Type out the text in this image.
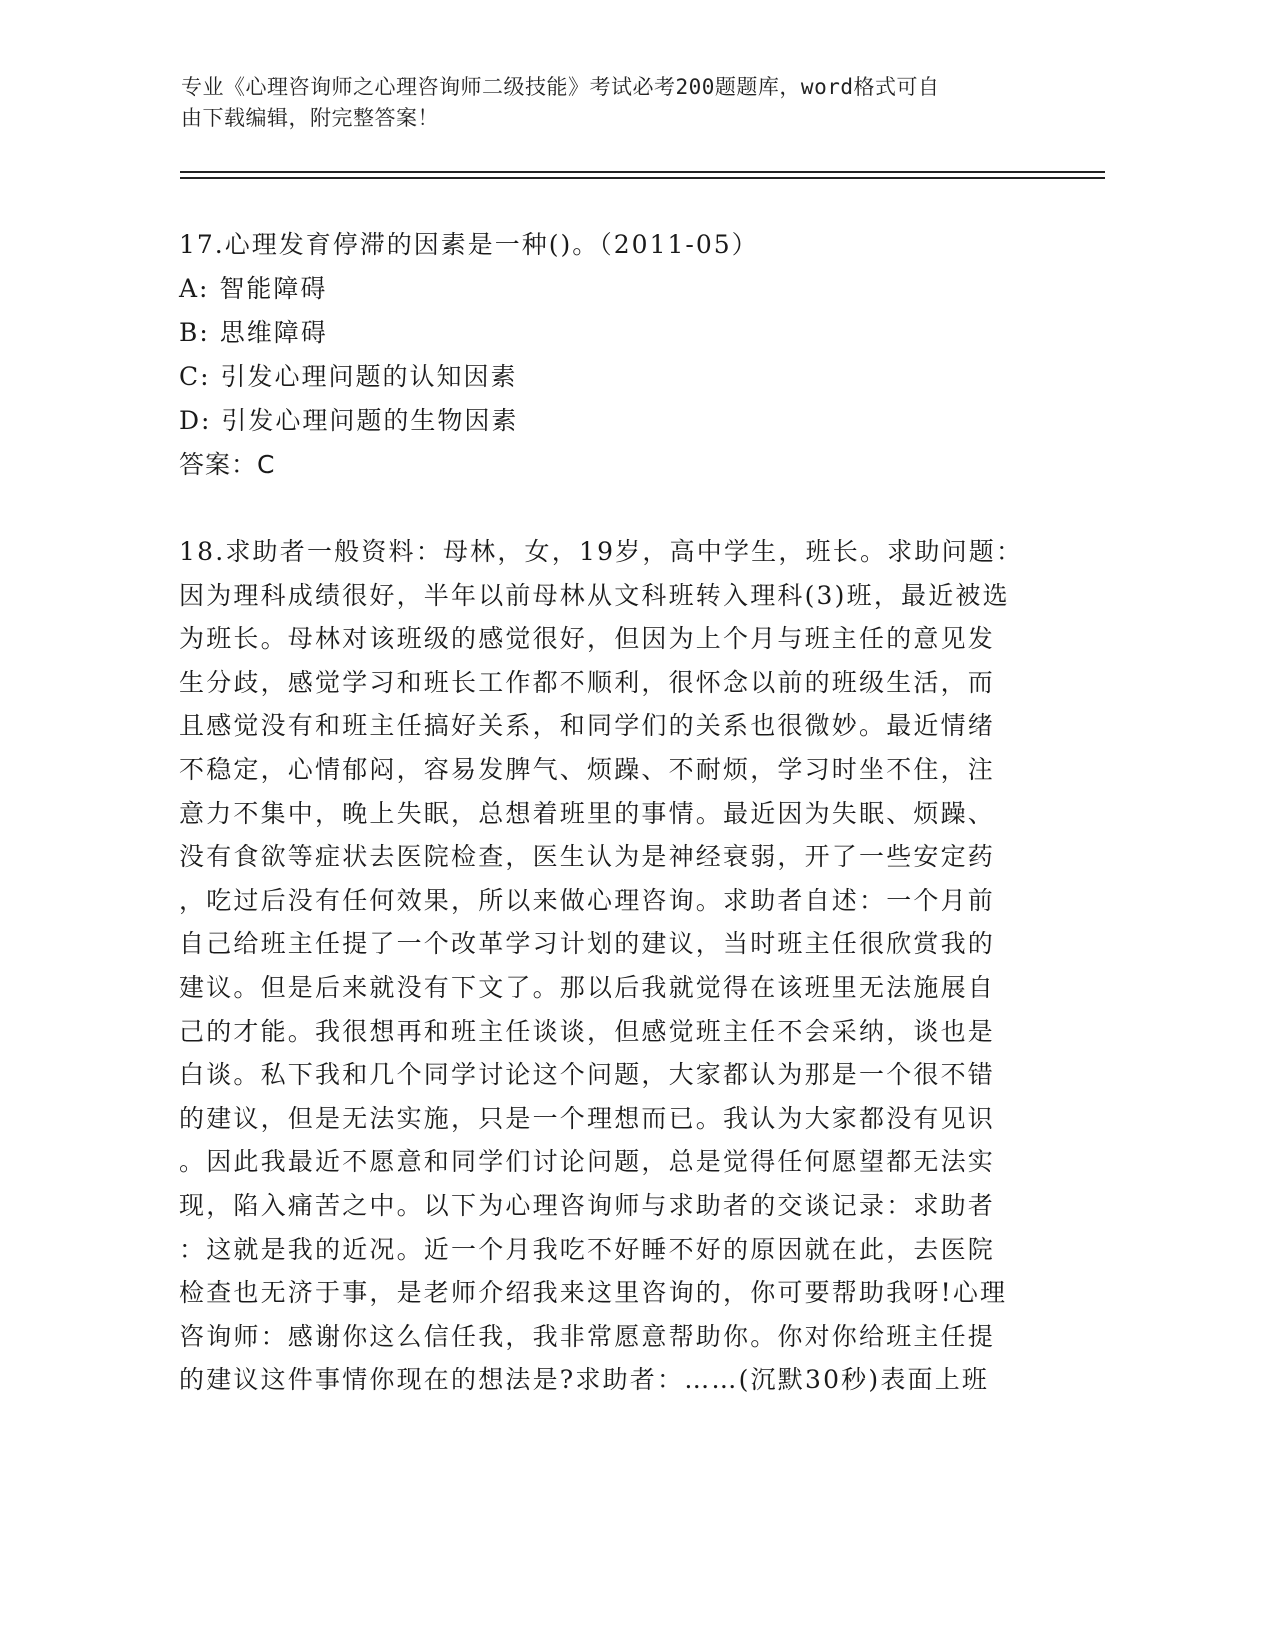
专业《心理咨询师之心理咨询师二级技能》考试必考200题题库，word格式可自
由下载编辑，附完整答案！
17.心理发育停滞的因素是一种()。（2011-05）
A: 智能障碍
B: 思维障碍
C: 引发心理问题的认知因素
D: 引发心理问题的生物因素
答案：C
18.求助者一般资料：母林，女，19岁，高中学生，班长。求助问题：
因为理科成绩很好，半年以前母林从文科班转入理科(3)班，最近被选
为班长。母林对该班级的感觉很好，但因为上个月与班主任的意见发
生分歧，感觉学习和班长工作都不顺利，很怀念以前的班级生活，而
且感觉没有和班主任搞好关系，和同学们的关系也很微妙。最近情绪
不稳定，心情郁闷，容易发脾气、烦躁、不耐烦，学习时坐不住，注
意力不集中，晚上失眠，总想着班里的事情。最近因为失眠、烦躁、
没有食欲等症状去医院检查，医生认为是神经衰弱，开了一些安定药
，吃过后没有任何效果，所以来做心理咨询。求助者自述：一个月前
自己给班主任提了一个改革学习计划的建议，当时班主任很欣赏我的
建议。但是后来就没有下文了。那以后我就觉得在该班里无法施展自
己的才能。我很想再和班主任谈谈，但感觉班主任不会采纳，谈也是
白谈。私下我和几个同学讨论这个问题，大家都认为那是一个很不错
的建议，但是无法实施，只是一个理想而已。我认为大家都没有见识
。因此我最近不愿意和同学们讨论问题，总是觉得任何愿望都无法实
现，陷入痛苦之中。以下为心理咨询师与求助者的交谈记录：求助者
：这就是我的近况。近一个月我吃不好睡不好的原因就在此，去医院
检查也无济于事，是老师介绍我来这里咨询的，你可要帮助我呀!心理
咨询师：感谢你这么信任我，我非常愿意帮助你。你对你给班主任提
的建议这件事情你现在的想法是?求助者：……(沉默30秒)表面上班
